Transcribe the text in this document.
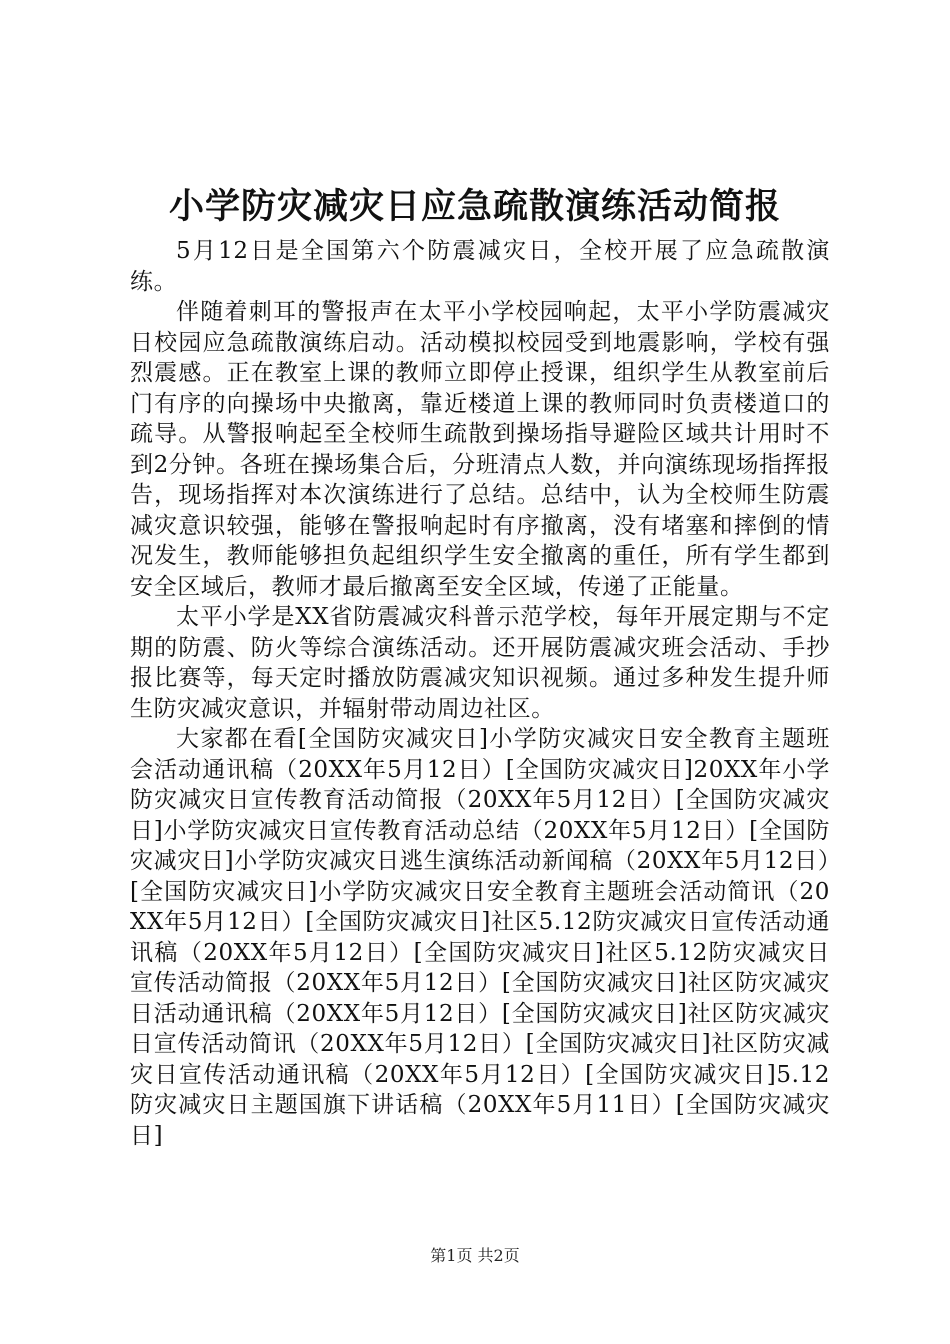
小学防灾减灾日应急疏散演练活动简报

5月12日是全国第六个防震减灾日，全校开展了应急疏散演练。

伴随着刺耳的警报声在太平小学校园响起，太平小学防震减灾日校园应急疏散演练启动。活动模拟校园受到地震影响，学校有强烈震感。正在教室上课的教师立即停止授课，组织学生从教室前后门有序的向操场中央撤离，靠近楼道上课的教师同时负责楼道口的疏导。从警报响起至全校师生疏散到操场指导避险区域共计用时不到2分钟。各班在操场集合后，分班清点人数，并向演练现场指挥报告，现场指挥对本次演练进行了总结。总结中，认为全校师生防震减灾意识较强，能够在警报响起时有序撤离，没有堵塞和摔倒的情况发生，教师能够担负起组织学生安全撤离的重任，所有学生都到安全区域后，教师才最后撤离至安全区域，传递了正能量。

太平小学是XX省防震减灾科普示范学校，每年开展定期与不定期的防震、防火等综合演练活动。还开展防震减灾班会活动、手抄报比赛等，每天定时播放防震减灾知识视频。通过多种发生提升师生防灾减灾意识，并辐射带动周边社区。

大家都在看[全国防灾减灾日]小学防灾减灾日安全教育主题班会活动通讯稿（20XX年5月12日）[全国防灾减灾日]20XX年小学防灾减灾日宣传教育活动简报（20XX年5月12日）[全国防灾减灾日]小学防灾减灾日宣传教育活动总结（20XX年5月12日）[全国防灾减灾日]小学防灾减灾日逃生演练活动新闻稿（20XX年5月12日）[全国防灾减灾日]小学防灾减灾日安全教育主题班会活动简讯（20XX年5月12日）[全国防灾减灾日]社区5.12防灾减灾日宣传活动通讯稿（20XX年5月12日）[全国防灾减灾日]社区5.12防灾减灾日宣传活动简报（20XX年5月12日）[全国防灾减灾日]社区防灾减灾日活动通讯稿（20XX年5月12日）[全国防灾减灾日]社区防灾减灾日宣传活动简讯（20XX年5月12日）[全国防灾减灾日]社区防灾减灾日宣传活动通讯稿（20XX年5月12日）[全国防灾减灾日]5.12防灾减灾日主题国旗下讲话稿（20XX年5月11日）[全国防灾减灾日]

第1页 共2页
